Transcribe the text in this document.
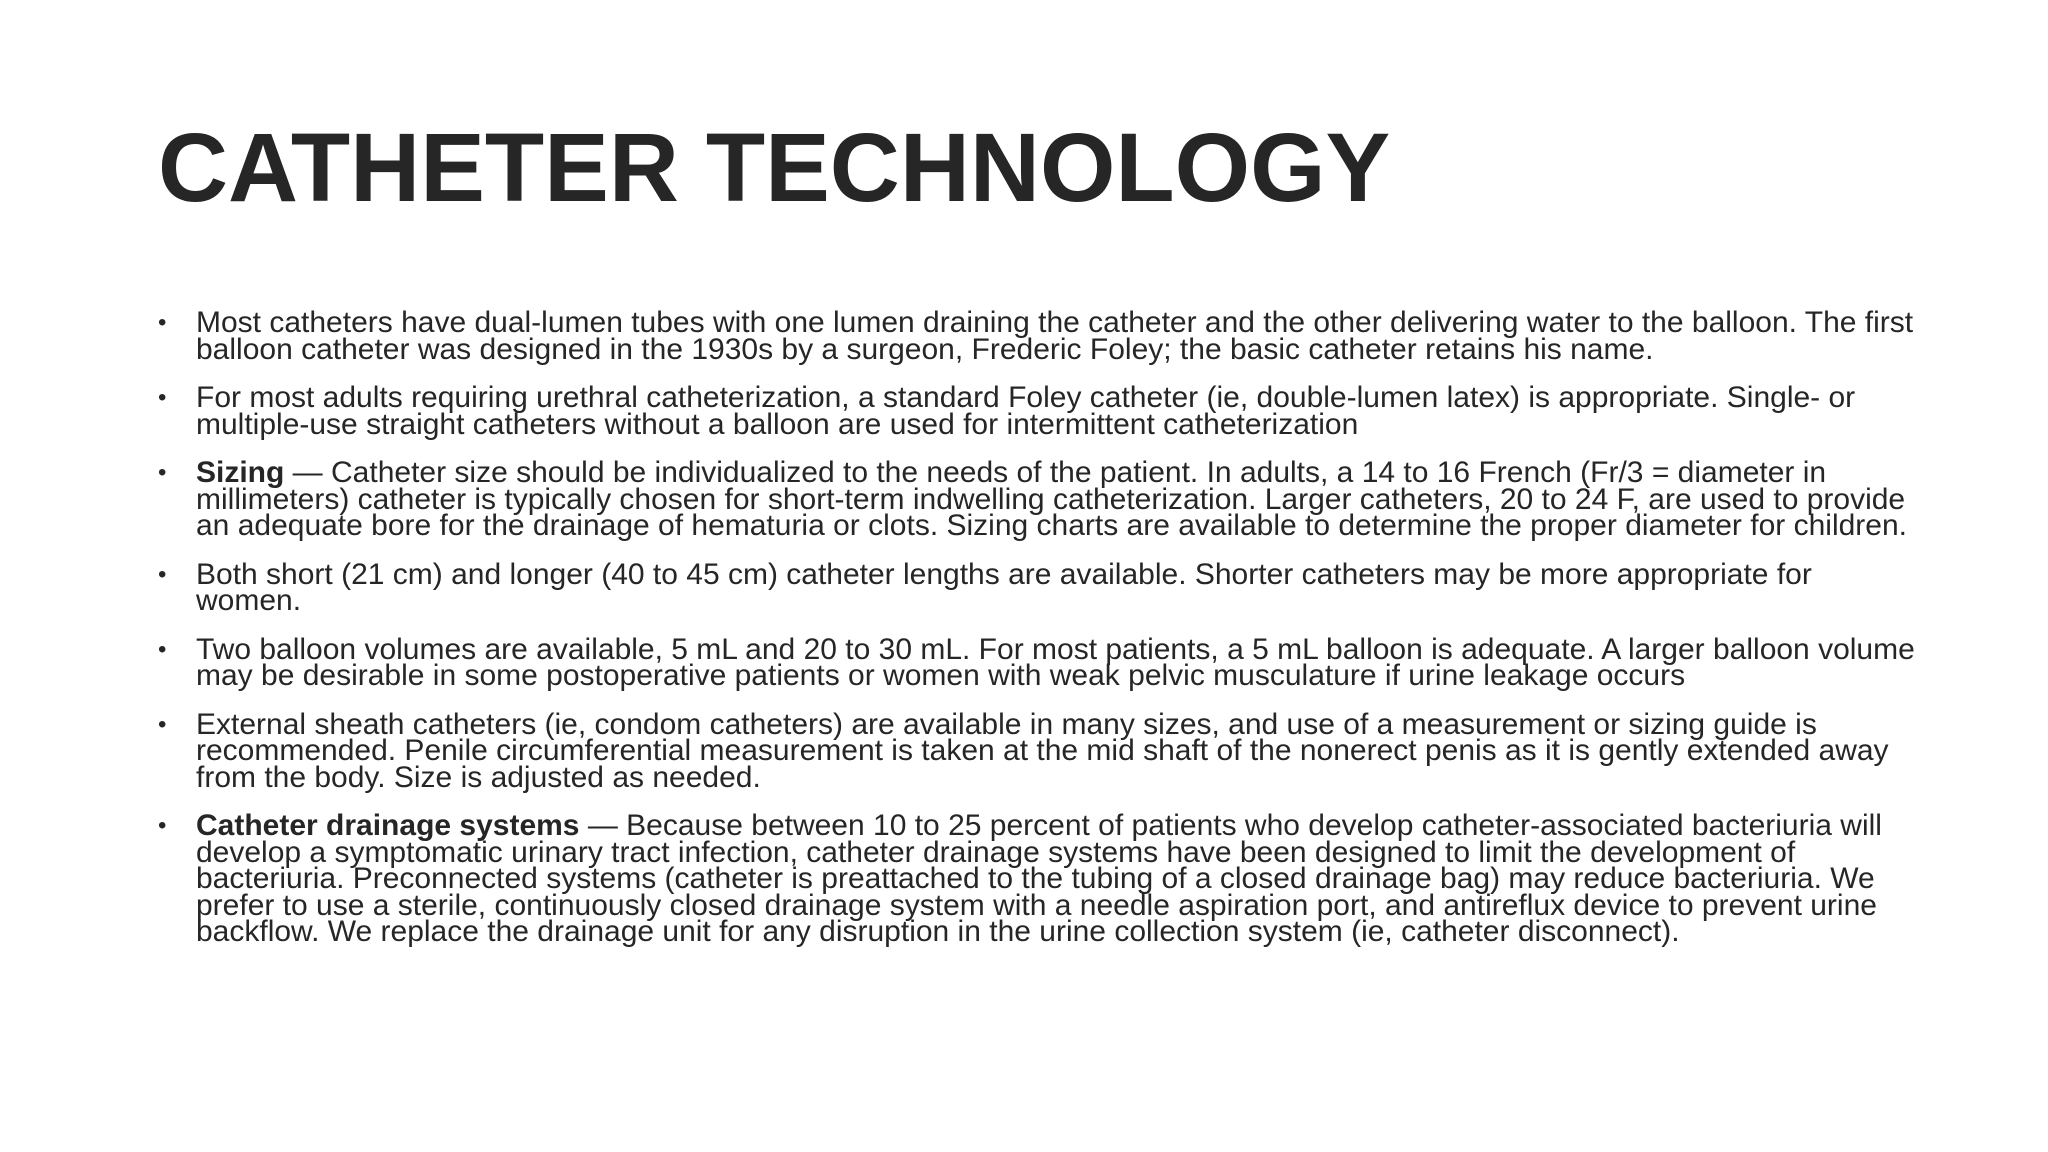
CATHETER TECHNOLOGY
• Most catheters have dual-lumen tubes with one lumen draining the catheter and the other delivering water to the balloon. The first balloon catheter was designed in the 1930s by a surgeon, Frederic Foley; the basic catheter retains his name.
• For most adults requiring urethral catheterization, a standard Foley catheter (ie, double-lumen latex) is appropriate. Single- or multiple-use straight catheters without a balloon are used for intermittent catheterization
• Sizing — Catheter size should be individualized to the needs of the patient. In adults, a 14 to 16 French (Fr/3 = diameter in millimeters) catheter is typically chosen for short-term indwelling catheterization. Larger catheters, 20 to 24 F, are used to provide an adequate bore for the drainage of hematuria or clots. Sizing charts are available to determine the proper diameter for children.
• Both short (21 cm) and longer (40 to 45 cm) catheter lengths are available. Shorter catheters may be more appropriate for women.
• Two balloon volumes are available, 5 mL and 20 to 30 mL. For most patients, a 5 mL balloon is adequate. A larger balloon volume may be desirable in some postoperative patients or women with weak pelvic musculature if urine leakage occurs
• External sheath catheters (ie, condom catheters) are available in many sizes, and use of a measurement or sizing guide is recommended. Penile circumferential measurement is taken at the mid shaft of the nonerect penis as it is gently extended away from the body. Size is adjusted as needed.
• Catheter drainage systems — Because between 10 to 25 percent of patients who develop catheter-associated bacteriuria will develop a symptomatic urinary tract infection, catheter drainage systems have been designed to limit the development of bacteriuria. Preconnected systems (catheter is preattached to the tubing of a closed drainage bag) may reduce bacteriuria. We prefer to use a sterile, continuously closed drainage system with a needle aspiration port, and antireflux device to prevent urine backflow. We replace the drainage unit for any disruption in the urine collection system (ie, catheter disconnect).
